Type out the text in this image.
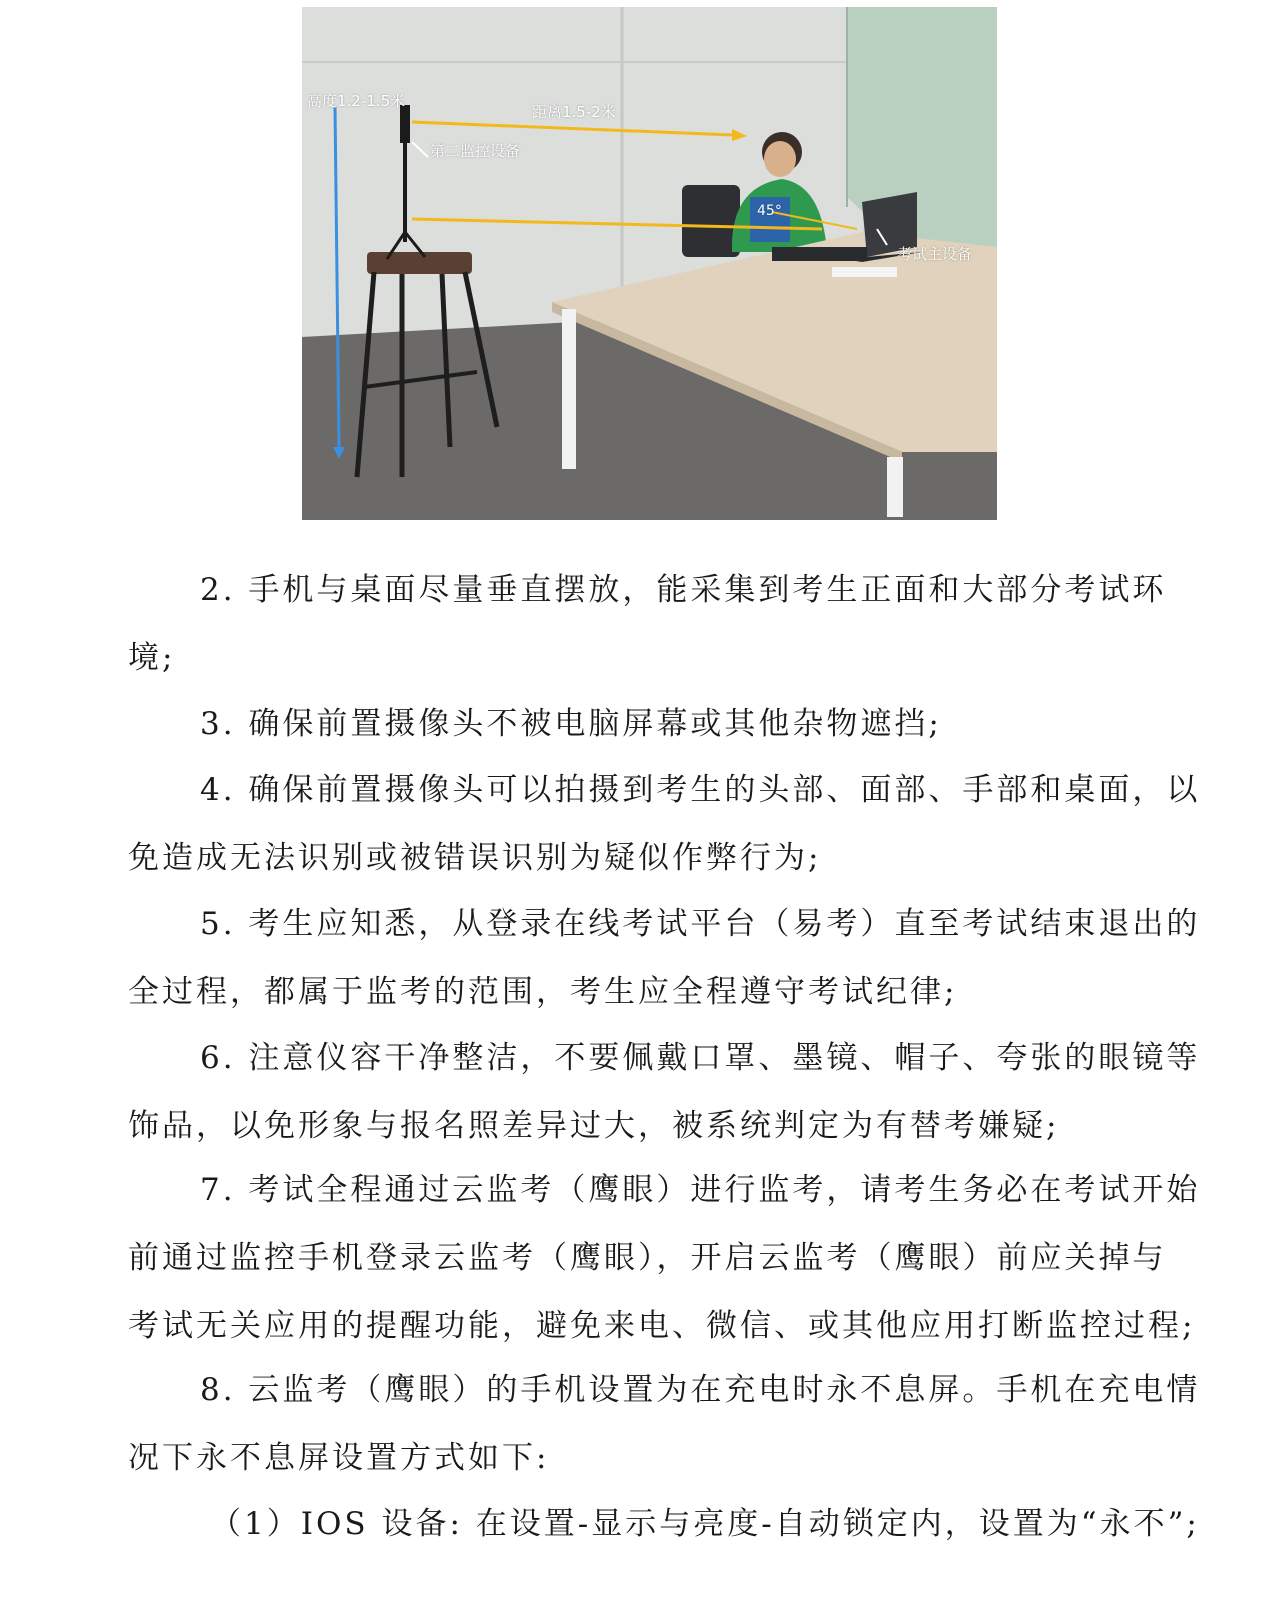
高度1.2-1.5米
距离1.5-2米
第二监控设备
45°
考试主设备
2. 手机与桌面尽量垂直摆放，能采集到考生正面和大部分考试环
境;
3. 确保前置摄像头不被电脑屏幕或其他杂物遮挡;
4. 确保前置摄像头可以拍摄到考生的头部、面部、手部和桌面，以
免造成无法识别或被错误识别为疑似作弊行为;
5. 考生应知悉，从登录在线考试平台（易考）直至考试结束退出的
全过程，都属于监考的范围，考生应全程遵守考试纪律;
6. 注意仪容干净整洁，不要佩戴口罩、墨镜、帽子、夸张的眼镜等
饰品，以免形象与报名照差异过大，被系统判定为有替考嫌疑;
7. 考试全程通过云监考（鹰眼）进行监考，请考生务必在考试开始
前通过监控手机登录云监考（鹰眼），开启云监考（鹰眼）前应关掉与
考试无关应用的提醒功能，避免来电、微信、或其他应用打断监控过程;
8. 云监考（鹰眼）的手机设置为在充电时永不息屏。手机在充电情
况下永不息屏设置方式如下:
（1）IOS 设备: 在设置-显示与亮度-自动锁定内，设置为“永不”;
